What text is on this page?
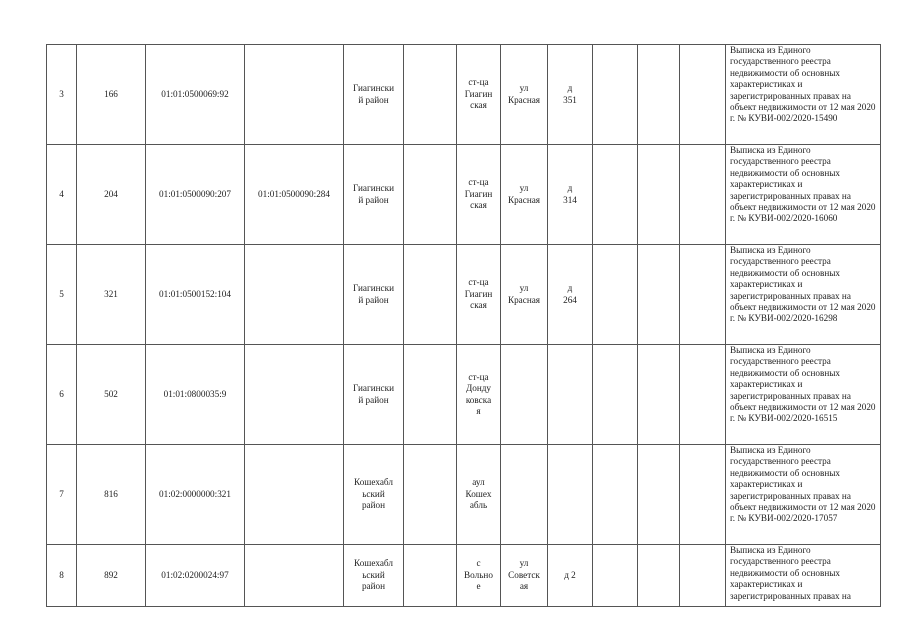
3	166	01:01:0500069:92		Гиагински
й район		ст-ца
Гиагин
ская	ул
Красная	д
351				Выписка из Единого государственного реестра недвижимости об основных характеристиках и зарегистрированных правах на объект недвижимости от 12 мая 2020 г. № КУВИ-002/2020-15490
4	204	01:01:0500090:207	01:01:0500090:284	Гиагински
й район		ст-ца
Гиагин
ская	ул
Красная	д
314				Выписка из Единого государственного реестра недвижимости об основных характеристиках и зарегистрированных правах на объект недвижимости от 12 мая 2020 г. № КУВИ-002/2020-16060
5	321	01:01:0500152:104		Гиагински
й район		ст-ца
Гиагин
ская	ул
Красная	д
264				Выписка из Единого государственного реестра недвижимости об основных характеристиках и зарегистрированных правах на объект недвижимости от 12 мая 2020 г. № КУВИ-002/2020-16298
6	502	01:01:0800035:9		Гиагински
й район		ст-ца
Донду
ковска
я						Выписка из Единого государственного реестра недвижимости об основных характеристиках и зарегистрированных правах на объект недвижимости от 12 мая 2020 г. № КУВИ-002/2020-16515
7	816	01:02:0000000:321		Кошехабл
ьский
район		аул
Кошех
абль						Выписка из Единого государственного реестра недвижимости об основных характеристиках и зарегистрированных правах на объект недвижимости от 12 мая 2020 г. № КУВИ-002/2020-17057
8	892	01:02:0200024:97		Кошехабл
ьский
район		с
Вольно
е	ул
Советск
ая	д 2				Выписка из Единого государственного реестра недвижимости об основных характеристиках и зарегистрированных правах на
